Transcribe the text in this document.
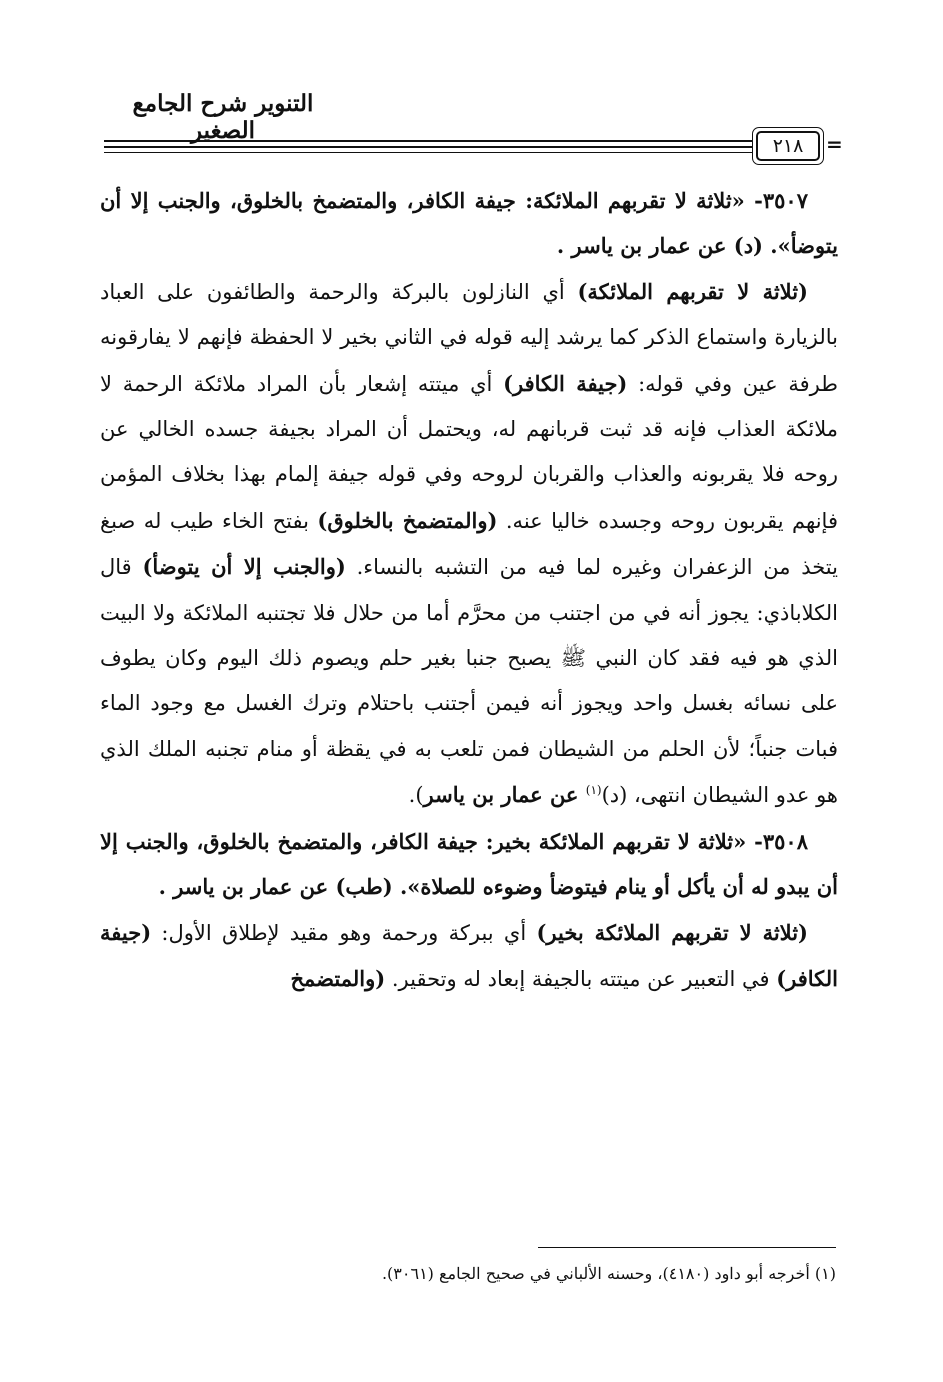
التنوير شرح الجامع الصغير
٢١٨	=

٣٥٠٧- «ثلاثة لا تقربهم الملائكة: جيفة الكافر، والمتضمخ بالخلوق، والجنب إلا أن يتوضأ». (د) عن عمار بن ياسر .

(ثلاثة لا تقربهم الملائكة) أي النازلون بالبركة والرحمة والطائفون على العباد بالزيارة واستماع الذكر كما يرشد إليه قوله في الثاني بخير لا الحفظة فإنهم لا يفارقونه طرفة عين وفي قوله: (جيفة الكافر) أي ميتته إشعار بأن المراد ملائكة الرحمة لا ملائكة العذاب فإنه قد ثبت قربانهم له، ويحتمل أن المراد بجيفة جسده الخالي عن روحه فلا يقربونه والعذاب والقربان لروحه وفي قوله جيفة إلمام بهذا بخلاف المؤمن فإنهم يقربون روحه وجسده خاليا عنه. (والمتضمخ بالخلوق) بفتح الخاء طيب له صبغ يتخذ من الزعفران وغيره لما فيه من التشبه بالنساء. (والجنب إلا أن يتوضأ) قال الكلاباذي: يجوز أنه في من اجتنب من محرَّم أما من حلال فلا تجتنبه الملائكة ولا البيت الذي هو فيه فقد كان النبي ﷺ يصبح جنبا بغير حلم ويصوم ذلك اليوم وكان يطوف على نسائه بغسل واحد ويجوز أنه فيمن أجتنب باحتلام وترك الغسل مع وجود الماء فبات جنباً؛ لأن الحلم من الشيطان فمن تلعب به في يقظة أو منام تجنبه الملك الذي هو عدو الشيطان انتهى، (د)$^{(١)}$ عن عمار بن ياسر).

٣٥٠٨- «ثلاثة لا تقربهم الملائكة بخير: جيفة الكافر، والمتضمخ بالخلوق، والجنب إلا أن يبدو له أن يأكل أو ينام فيتوضأ وضوءه للصلاة». (طب) عن عمار بن ياسر .

(ثلاثة لا تقربهم الملائكة بخير) أي ببركة ورحمة وهو مقيد لإطلاق الأول: (جيفة الكافر) في التعبير عن ميتته بالجيفة إبعاد له وتحقير. (والمتضمخ

(١) أخرجه أبو داود (٤١٨٠)، وحسنه الألباني في صحيح الجامع (٣٠٦١).
